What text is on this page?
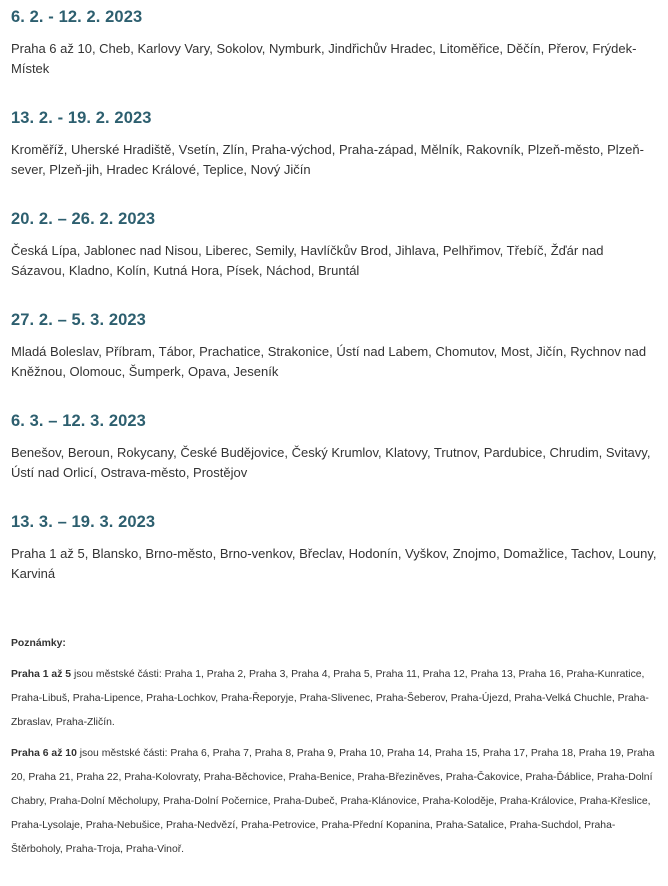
6. 2. - 12. 2. 2023

Praha 6 až 10, Cheb, Karlovy Vary, Sokolov, Nymburk, Jindřichův Hradec, Litoměřice, Děčín, Přerov, Frýdek-Místek

13. 2. - 19. 2. 2023

Kroměříž, Uherské Hradiště, Vsetín, Zlín, Praha-východ, Praha-západ, Mělník, Rakovník, Plzeň-město, Plzeň-sever, Plzeň-jih, Hradec Králové, Teplice, Nový Jičín

20. 2. – 26. 2. 2023

Česká Lípa, Jablonec nad Nisou, Liberec, Semily, Havlíčkův Brod, Jihlava, Pelhřimov, Třebíč, Žďár nad Sázavou, Kladno, Kolín, Kutná Hora, Písek, Náchod, Bruntál

27. 2. – 5. 3. 2023

Mladá Boleslav, Příbram, Tábor, Prachatice, Strakonice, Ústí nad Labem, Chomutov, Most, Jičín, Rychnov nad Kněžnou, Olomouc, Šumperk, Opava, Jeseník

6. 3. – 12. 3. 2023

Benešov, Beroun, Rokycany, České Budějovice, Český Krumlov, Klatovy, Trutnov, Pardubice, Chrudim, Svitavy, Ústí nad Orlicí, Ostrava-město, Prostějov

13. 3. – 19. 3. 2023

Praha 1 až 5, Blansko, Brno-město, Brno-venkov, Břeclav, Hodonín, Vyškov, Znojmo, Domažlice, Tachov, Louny, Karviná

Poznámky:

Praha 1 až 5 jsou městské části: Praha 1, Praha 2, Praha 3, Praha 4, Praha 5, Praha 11, Praha 12, Praha 13, Praha 16, Praha-Kunratice, Praha-Libuš, Praha-Lipence, Praha-Lochkov, Praha-Řeporyje, Praha-Slivenec, Praha-Šeberov, Praha-Újezd, Praha-Velká Chuchle, Praha-Zbraslav, Praha-Zličín.

Praha 6 až 10 jsou městské části: Praha 6, Praha 7, Praha 8, Praha 9, Praha 10, Praha 14, Praha 15, Praha 17, Praha 18, Praha 19, Praha 20, Praha 21, Praha 22, Praha-Kolovraty, Praha-Běchovice, Praha-Benice, Praha-Březiněves, Praha-Čakovice, Praha-Ďáblice, Praha-Dolní Chabry, Praha-Dolní Měcholupy, Praha-Dolní Počernice, Praha-Dubeč, Praha-Klánovice, Praha-Koloděje, Praha-Královice, Praha-Křeslice, Praha-Lysolaje, Praha-Nebušice, Praha-Nedvězí, Praha-Petrovice, Praha-Přední Kopanina, Praha-Satalice, Praha-Suchdol, Praha-Štěrboholy, Praha-Troja, Praha-Vinoř.
